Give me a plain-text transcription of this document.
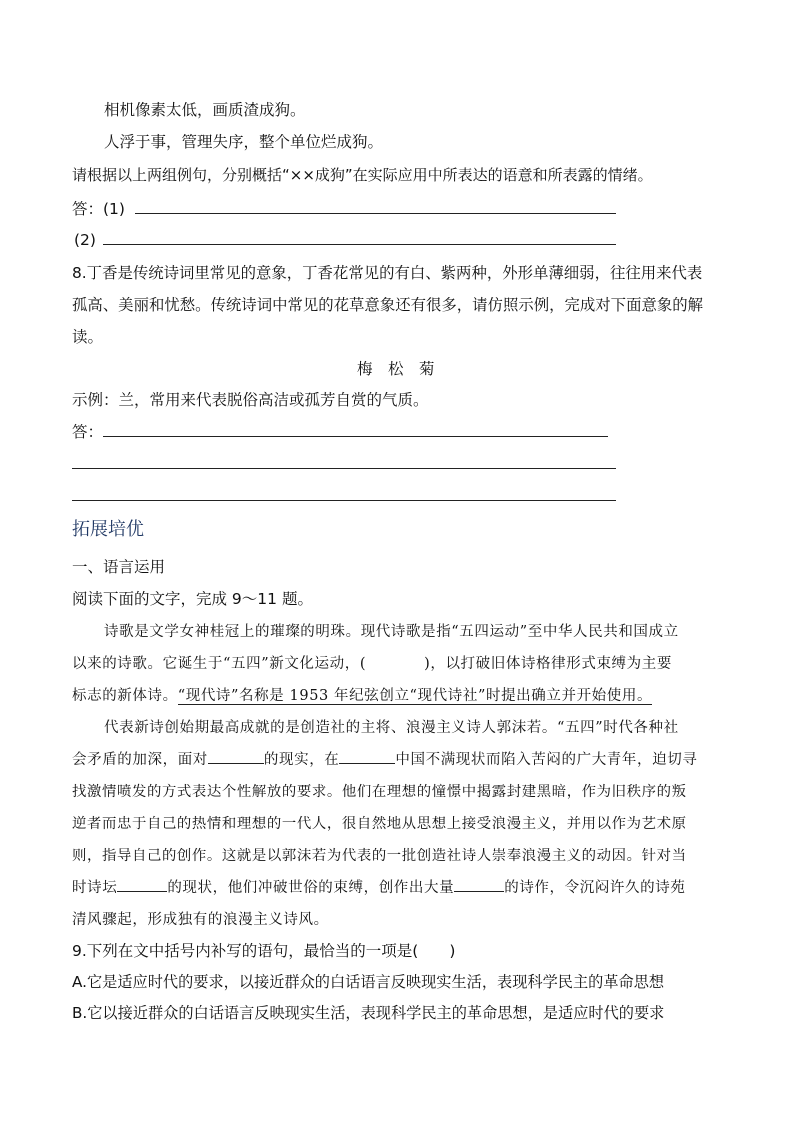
相机像素太低，画质渣成狗。
人浮于事，管理失序，整个单位烂成狗。
请根据以上两组例句，分别概括“××成狗”在实际应用中所表达的语意和所表露的情绪。
答：(1)
(2)
8.丁香是传统诗词里常见的意象，丁香花常见的有白、紫两种，外形单薄细弱，往往用来代表
孤高、美丽和忧愁。传统诗词中常见的花草意象还有很多，请仿照示例，完成对下面意象的解
读。
梅　松　菊
示例：兰，常用来代表脱俗高洁或孤芳自赏的气质。
答：
拓展培优
一、语言运用
阅读下面的文字，完成 9～11 题。
诗歌是文学女神桂冠上的璀璨的明珠。现代诗歌是指“五四运动”至中华人民共和国成立
以来的诗歌。它诞生于“五四”新文化运动，(	)，以打破旧体诗格律形式束缚为主要
标志的新体诗。“现代诗”名称是 1953 年纪弦创立“现代诗社”时提出确立并开始使用。
代表新诗创始期最高成就的是创造社的主将、浪漫主义诗人郭沫若。“五四”时代各种社
会矛盾的加深，面对	的现实，在	中国不满现状而陷入苦闷的广大青年，迫切寻
找激情喷发的方式表达个性解放的要求。他们在理想的憧憬中揭露封建黑暗，作为旧秩序的叛
逆者而忠于自己的热情和理想的一代人，很自然地从思想上接受浪漫主义，并用以作为艺术原
则，指导自己的创作。这就是以郭沫若为代表的一批创造社诗人崇奉浪漫主义的动因。针对当
时诗坛	的现状，他们冲破世俗的束缚，创作出大量	的诗作，令沉闷许久的诗苑
清风骤起，形成独有的浪漫主义诗风。
9.下列在文中括号内补写的语句，最恰当的一项是(　　)
A.它是适应时代的要求，以接近群众的白话语言反映现实生活，表现科学民主的革命思想
B.它以接近群众的白话语言反映现实生活，表现科学民主的革命思想，是适应时代的要求
